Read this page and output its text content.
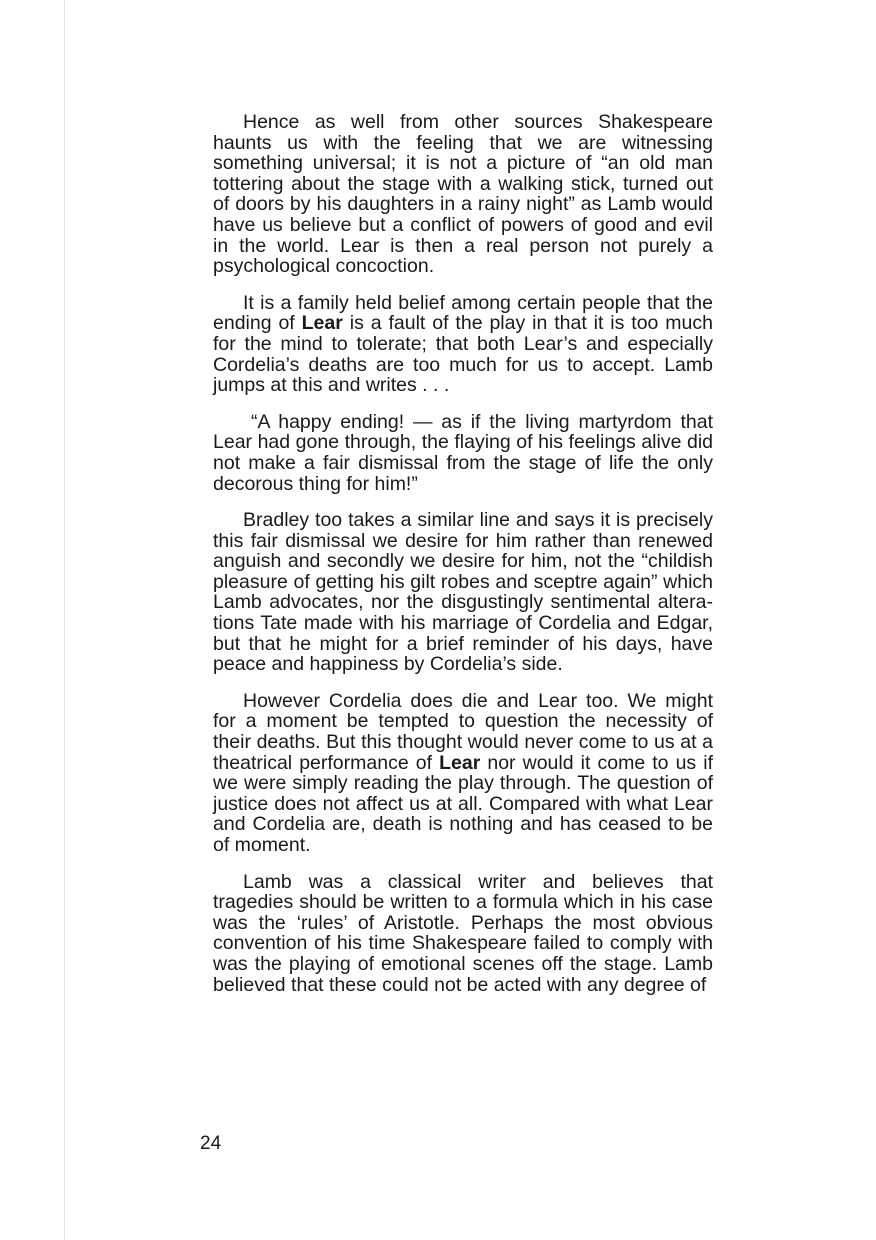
Hence as well from other sources Shakespeare haunts us with the feeling that we are witnessing something universal; it is not a picture of “an old man tottering about the stage with a walking stick, turned out of doors by his daughters in a rainy night” as Lamb would have us believe but a conflict of powers of good and evil in the world. Lear is then a real person not purely a psychological concoction.

It is a family held belief among certain people that the ending of Lear is a fault of the play in that it is too much for the mind to tolerate; that both Lear’s and especially Cordelia’s deaths are too much for us to accept. Lamb jumps at this and writes . . .

“A happy ending! — as if the living martyrdom that Lear had gone through, the flaying of his feelings alive did not make a fair dismissal from the stage of life the only decorous thing for him!”

Bradley too takes a similar line and says it is precisely this fair dismissal we desire for him rather than renewed anguish and secondly we desire for him, not the “childish pleasure of getting his gilt robes and sceptre again” which Lamb advocates, nor the disgustingly sentimental alterations Tate made with his marriage of Cordelia and Edgar, but that he might for a brief reminder of his days, have peace and happiness by Cordelia’s side.

However Cordelia does die and Lear too. We might for a moment be tempted to question the necessity of their deaths. But this thought would never come to us at a theatrical performance of Lear nor would it come to us if we were simply reading the play through. The question of justice does not affect us at all. Compared with what Lear and Cordelia are, death is nothing and has ceased to be of moment.

Lamb was a classical writer and believes that tragedies should be written to a formula which in his case was the ‘rules’ of Aristotle. Perhaps the most obvious convention of his time Shakespeare failed to comply with was the playing of emotional scenes off the stage. Lamb believed that these could not be acted with any degree of

24
